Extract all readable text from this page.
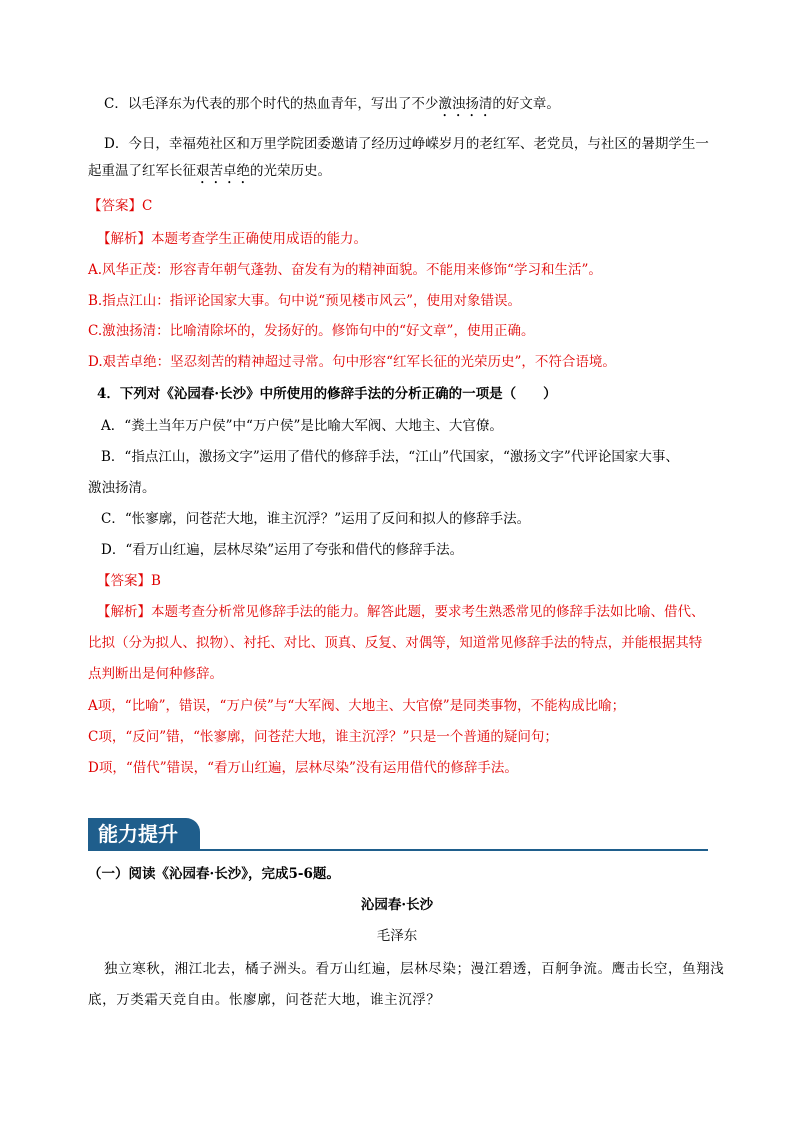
C．以毛泽东为代表的那个时代的热血青年，写出了不少激浊扬清的好文章。
D．今日，幸福苑社区和万里学院团委邀请了经历过峥嵘岁月的老红军、老党员，与社区的暑期学生一
起重温了红军长征艰苦卓绝的光荣历史。
【答案】C
【解析】本题考查学生正确使用成语的能力。
A.风华正茂：形容青年朝气蓬勃、奋发有为的精神面貌。不能用来修饰“学习和生活”。
B.指点江山：指评论国家大事。句中说“预见楼市风云”，使用对象错误。
C.激浊扬清：比喻清除坏的，发扬好的。修饰句中的“好文章”，使用正确。
D.艰苦卓绝：坚忍刻苦的精神超过寻常。句中形容“红军长征的光荣历史”，不符合语境。
4．下列对《沁园春·长沙》中所使用的修辞手法的分析正确的一项是（　　）
A．“粪土当年万户侯”中“万户侯”是比喻大军阀、大地主、大官僚。
B．“指点江山，激扬文字”运用了借代的修辞手法，“江山”代国家，“激扬文字”代评论国家大事、
激浊扬清。
C．“怅寥廓，问苍茫大地，谁主沉浮？”运用了反问和拟人的修辞手法。
D．“看万山红遍，层林尽染”运用了夸张和借代的修辞手法。
【答案】B
【解析】本题考查分析常见修辞手法的能力。解答此题，要求考生熟悉常见的修辞手法如比喻、借代、
比拟（分为拟人、拟物）、衬托、对比、顶真、反复、对偶等，知道常见修辞手法的特点，并能根据其特
点判断出是何种修辞。
A项，“比喻”，错误，“万户侯”与“大军阀、大地主、大官僚”是同类事物，不能构成比喻；
C项，“反问”错，“怅寥廓，问苍茫大地，谁主沉浮？”只是一个普通的疑问句；
D项，“借代”错误，“看万山红遍，层林尽染”没有运用借代的修辞手法。
能力提升
（一）阅读《沁园春·长沙》，完成5-6题。
沁园春·长沙
毛泽东
独立寒秋，湘江北去，橘子洲头。看万山红遍，层林尽染；漫江碧透，百舸争流。鹰击长空，鱼翔浅
底，万类霜天竞自由。怅廖廓，问苍茫大地，谁主沉浮？
